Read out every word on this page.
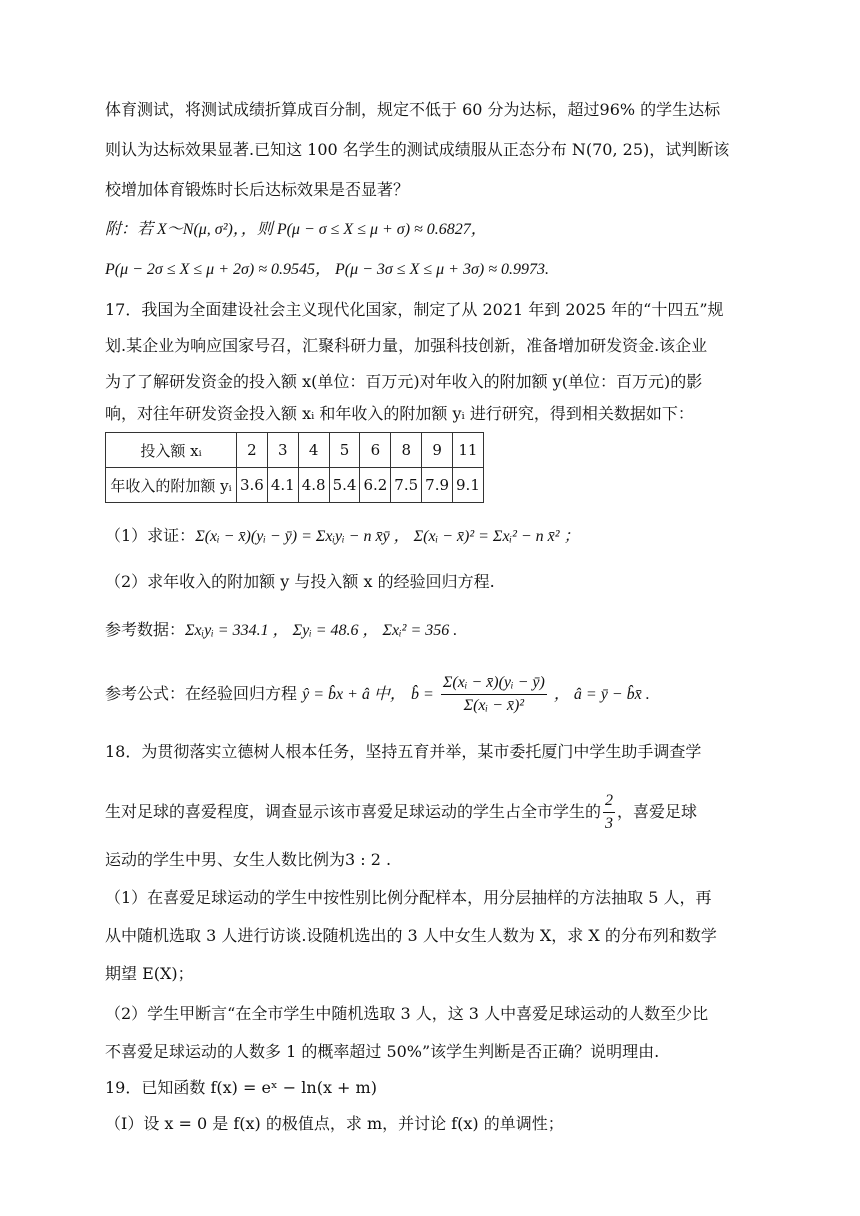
体育测试，将测试成绩折算成百分制，规定不低于 60 分为达标，超过96% 的学生达标
则认为达标效果显著.已知这 100 名学生的测试成绩服从正态分布 N(70, 25)，试判断该
校增加体育锻炼时长后达标效果是否显著？
附：若 X～N(μ, σ²)，，则 P(μ − σ ≤ X ≤ μ + σ) ≈ 0.6827，
P(μ − 2σ ≤ X ≤ μ + 2σ) ≈ 0.9545， P(μ − 3σ ≤ X ≤ μ + 3σ) ≈ 0.9973.
17．我国为全面建设社会主义现代化国家，制定了从 2021 年到 2025 年的“十四五”规
划.某企业为响应国家号召，汇聚科研力量，加强科技创新，准备增加研发资金.该企业
为了了解研发资金的投入额 x(单位：百万元)对年收入的附加额 y(单位：百万元)的影
响，对往年研发资金投入额 xᵢ 和年收入的附加额 yᵢ 进行研究，得到相关数据如下：
投入额 xᵢ	2	3	4	5	6	8	9	11
年收入的附加额 yᵢ	3.6	4.1	4.8	5.4	6.2	7.5	7.9	9.1
（1）求证：Σ(xᵢ − x̄)(yᵢ − ȳ) = Σxᵢyᵢ − n x̄ȳ ， Σ(xᵢ − x̄)² = Σxᵢ² − n x̄² ；
（2）求年收入的附加额 y 与投入额 x 的经验回归方程.
参考数据：Σxᵢyᵢ = 334.1 ， Σyᵢ = 48.6 ， Σxᵢ² = 356 .
参考公式：在经验回归方程 ŷ = b̂x + â 中， b̂ = $\frac{\text{Σ(xᵢ − x̄)(yᵢ − ȳ)}}{\text{Σ(xᵢ − x̄)²}}$ ， â = ȳ − b̂x̄ .
18．为贯彻落实立德树人根本任务，坚持五育并举，某市委托厦门中学生助手调查学
生对足球的喜爱程度，调查显示该市喜爱足球运动的学生占全市学生的 $\frac{2}{3}$ ，喜爱足球
运动的学生中男、女生人数比例为3 : 2 .
（1）在喜爱足球运动的学生中按性别比例分配样本，用分层抽样的方法抽取 5 人，再
从中随机选取 3 人进行访谈.设随机选出的 3 人中女生人数为 X，求 X 的分布列和数学
期望 E(X)；
（2）学生甲断言“在全市学生中随机选取 3 人，这 3 人中喜爱足球运动的人数至少比
不喜爱足球运动的人数多 1 的概率超过 50%”该学生判断是否正确？说明理由.
19．已知函数 f(x) = eˣ − ln(x + m)
（I）设 x = 0 是 f(x) 的极值点，求 m，并讨论 f(x) 的单调性；
